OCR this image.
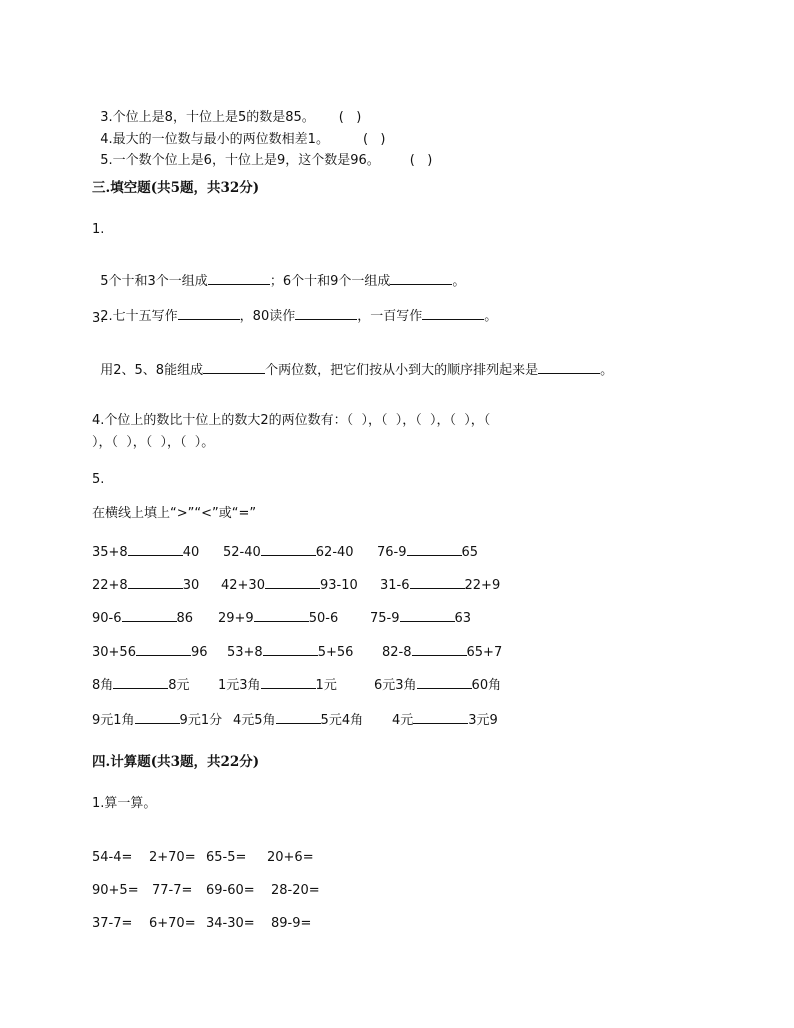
3.个位上是8，十位上是5的数是85。 (   )

4.最大的一位数与最小的两位数相差1。	(   )

5.一个数个位上是6，十位上是9，这个数是96。 (   )

三.填空题(共5题，共32分)
1.

5个十和3个一组成	；6个十和9个一组成	。

2.七十五写作	，80读作	，一百写作	。

3.

用2、5、8能组成	个两位数，把它们按从小到大的顺序排列起来是	。

4.个位上的数比十位上的数大2的两位数有：（  ），（  ），（  ），（  ），（
），（  ），（  ），（  ）。
5.
在横线上填上“>”“<”或“=”
35+8	40 52-40	62-40 76-9	65
22+8	30 42+30	93-10 31-6	22+9
90-6	86 29+9	50-6 75-9	63
30+56	96 53+8	5+56 82-8	65+7
8角	8元 1元3角	1元	6元3角	60角
9元1角	9元1分 4元5角	5元4角 4元	3元9
四.计算题(共3题，共22分)
1.算一算。
54-4= 2+70= 65-5= 20+6=
90+5= 77-7= 69-60= 28-20=
37-7= 6+70= 34-30= 89-9=
